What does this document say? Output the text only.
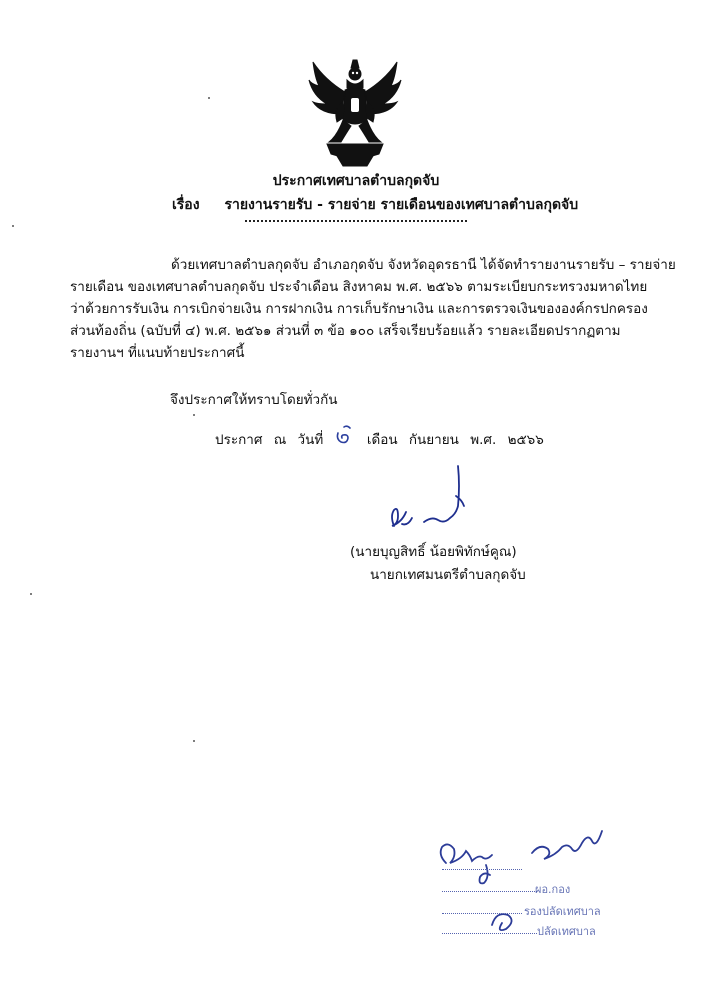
ประกาศเทศบาลตำบลกุดจับ
เรื่อง รายงานรายรับ - รายจ่าย รายเดือนของเทศบาลตำบลกุดจับ
ด้วยเทศบาลตำบลกุดจับ อำเภอกุดจับ จังหวัดอุดรธานี ได้จัดทำรายงานรายรับ – รายจ่าย
รายเดือน ของเทศบาลตำบลกุดจับ ประจำเดือน สิงหาคม พ.ศ. ๒๕๖๖ ตามระเบียบกระทรวงมหาดไทย
ว่าด้วยการรับเงิน การเบิกจ่ายเงิน การฝากเงิน การเก็บรักษาเงิน และการตรวจเงินขององค์กรปกครอง
ส่วนท้องถิ่น (ฉบับที่ ๔) พ.ศ. ๒๕๖๑ ส่วนที่ ๓ ข้อ ๑๐๐ เสร็จเรียบร้อยแล้ว รายละเอียดปรากฏตาม
รายงานฯ ที่แนบท้ายประกาศนี้
จึงประกาศให้ทราบโดยทั่วกัน
ประกาศ ณ วันที่	เดือน กันยายน พ.ศ. ๒๕๖๖
(นายบุญสิทธิ์ น้อยพิทักษ์คูณ)
นายกเทศมนตรีตำบลกุดจับ
ผอ.กอง
รองปลัดเทศบาล
ปลัดเทศบาล
